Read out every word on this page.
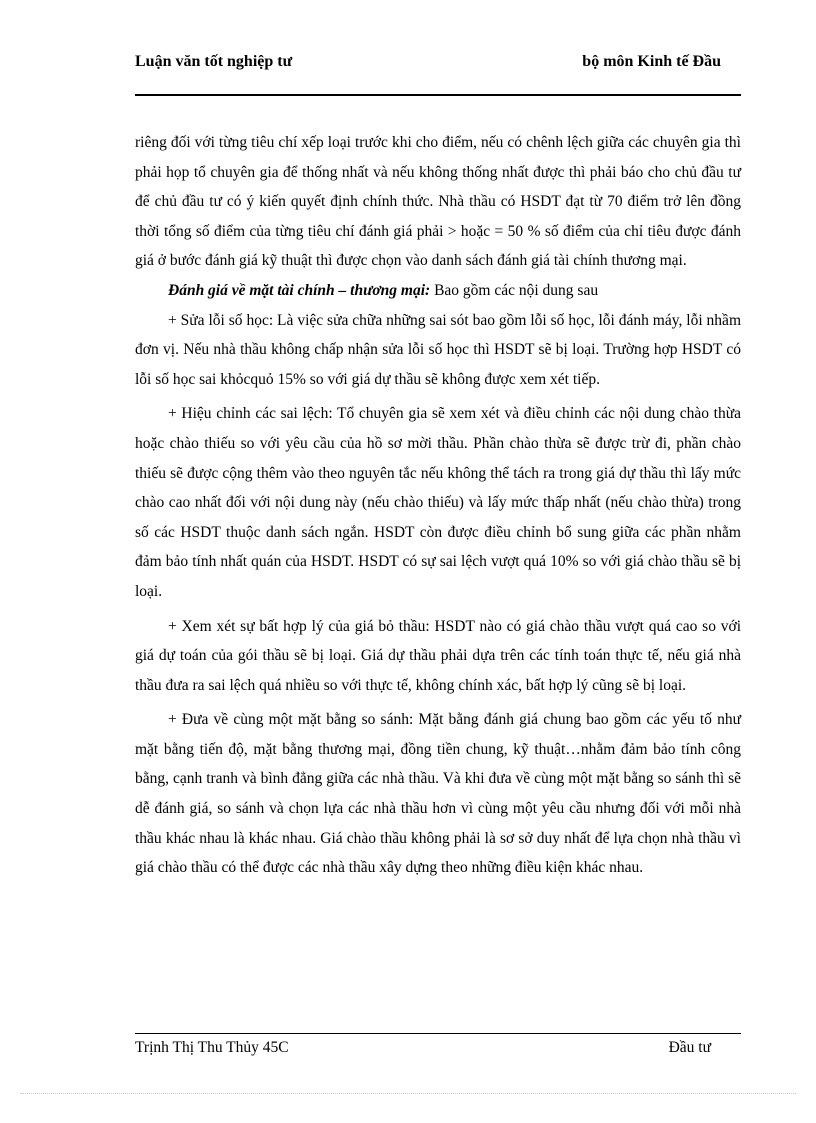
Luận văn tốt nghiệp tư	bộ môn Kinh tế Đầu

riêng đối với từng tiêu chí xếp loại trước khi cho điểm, nếu có chênh lệch giữa các chuyên gia thì phải họp tổ chuyên gia để thống nhất và nếu không thống nhất được thì phải báo cho chủ đầu tư để chủ đầu tư có ý kiến quyết định chính thức. Nhà thầu có HSDT đạt từ 70 điểm trở lên đồng thời tổng số điểm của từng tiêu chí đánh giá phải > hoặc = 50 % số điểm của chỉ tiêu được đánh giá ở bước đánh giá kỹ thuật thì được chọn vào danh sách đánh giá tài chính thương mại.

Đánh giá về mặt tài chính – thương mại: Bao gồm các nội dung sau

+ Sửa lỗi số học: Là việc sửa chữa những sai sót bao gồm lỗi số học, lỗi đánh máy, lỗi nhầm đơn vị. Nếu nhà thầu không chấp nhận sửa lỗi số học thì HSDT sẽ bị loại. Trường hợp HSDT có lỗi số học sai khỏcquỏ 15% so với giá dự thầu sẽ không được xem xét tiếp.

+ Hiệu chỉnh các sai lệch: Tổ chuyên gia sẽ xem xét và điều chỉnh các nội dung chào thừa hoặc chào thiếu so với yêu cầu của hồ sơ mời thầu. Phần chào thừa sẽ được trừ đi, phần chào thiếu sẽ được cộng thêm vào theo nguyên tắc nếu không thể tách ra trong giá dự thầu thì lấy mức chào cao nhất đối với nội dung này (nếu chào thiếu) và lấy mức thấp nhất (nếu chào thừa) trong số các HSDT thuộc danh sách ngắn. HSDT còn được điều chỉnh bổ sung giữa các phần nhằm đảm bảo tính nhất quán của HSDT. HSDT có sự sai lệch vượt quá 10% so với giá chào thầu sẽ bị loại.

+ Xem xét sự bất hợp lý của giá bỏ thầu: HSDT nào có giá chào thầu vượt quá cao so với giá dự toán của gói thầu sẽ bị loại. Giá dự thầu phải dựa trên các tính toán thực tế, nếu giá nhà thầu đưa ra sai lệch quá nhiều so với thực tế, không chính xác, bất hợp lý cũng sẽ bị loại.

+ Đưa về cùng một mặt bằng so sánh: Mặt bằng đánh giá chung bao gồm các yếu tố như mặt bằng tiến độ, mặt bằng thương mại, đồng tiền chung, kỹ thuật…nhằm đảm bảo tính công bằng, cạnh tranh và bình đẳng giữa các nhà thầu. Và khi đưa về cùng một mặt bằng so sánh thì sẽ dễ đánh giá, so sánh và chọn lựa các nhà thầu hơn vì cùng một yêu cầu nhưng đối với mỗi nhà thầu khác nhau là khác nhau. Giá chào thầu không phải là sơ sở duy nhất để lựa chọn nhà thầu vì giá chào thầu có thể được các nhà thầu xây dựng theo những điều kiện khác nhau.

Trịnh Thị Thu Thủy 45C	Đầu tư
